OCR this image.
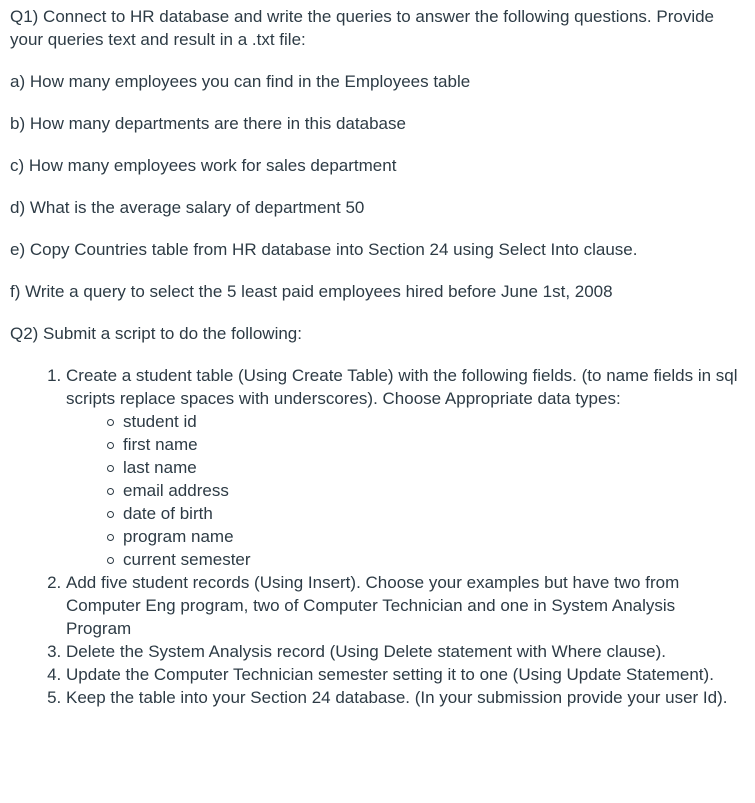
Q1) Connect to HR database and write the queries to answer the following questions. Provide your queries text and result in a .txt file:

a) How many employees you can find in the Employees table

b) How many departments are there in this database

c) How many employees work for sales department

d) What is the average salary of department 50

e) Copy Countries table from HR database into Section 24 using Select Into clause.

f) Write a query to select the 5 least paid employees hired before June 1st, 2008

Q2) Submit a script to do the following:

1. Create a student table (Using Create Table) with the following fields. (to name fields in sql scripts replace spaces with underscores). Choose Appropriate data types:
student id
first name
last name
email address
date of birth
program name
current semester
2. Add five student records (Using Insert). Choose your examples but have two from Computer Eng program, two of Computer Technician and one in System Analysis Program
3. Delete the System Analysis record (Using Delete statement with Where clause).
4. Update the Computer Technician semester setting it to one (Using Update Statement).
5. Keep the table into your Section 24 database. (In your submission provide your user Id).
